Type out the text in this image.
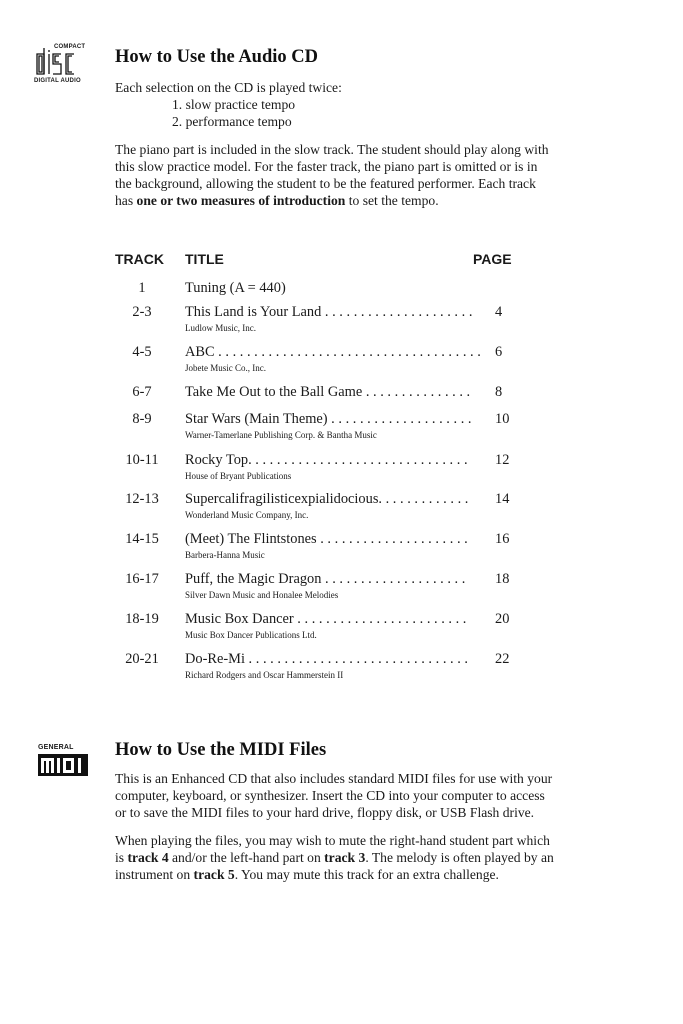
COMPACT
DIGITAL AUDIO
How to Use the Audio CD

Each selection on the CD is played twice:

1. slow practice tempo

2. performance tempo

The piano part is included in the slow track. The student should play along with this slow practice model. For the faster track, the piano part is omitted or is in the background, allowing the student to be the featured performer. Each track has one or two measures of introduction to set the tempo.

TRACK TITLE	PAGE
1	Tuning (A = 440)
2-3	This Land is Your Land . . . . . . . . . . . . . . . . . . . . .	4
Ludlow Music, Inc.
4-5	ABC . . . . . . . . . . . . . . . . . . . . . . . . . . . . . . . . . . . . . 6
Jobete Music Co., Inc.
6-7	Take Me Out to the Ball Game . . . . . . . . . . . . . . .	8
8-9	Star Wars (Main Theme) . . . . . . . . . . . . . . . . . . . .	10
Warner-Tamerlane Publishing Corp. & Bantha Music
10-11	Rocky Top. . . . . . . . . . . . . . . . . . . . . . . . . . . . . . .	12
House of Bryant Publications
12-13	Supercalifragilisticexpialidocious. . . . . . . . . . . . .	14
Wonderland Music Company, Inc.
14-15	(Meet) The Flintstones . . . . . . . . . . . . . . . . . . . . .	16
Barbera-Hanna Music
16-17	Puff, the Magic Dragon . . . . . . . . . . . . . . . . . . . .	18
Silver Dawn Music and Honalee Melodies
18-19	Music Box Dancer . . . . . . . . . . . . . . . . . . . . . . . .	20
Music Box Dancer Publications Ltd.
20-21	Do-Re-Mi . . . . . . . . . . . . . . . . . . . . . . . . . . . . . . .	22
Richard Rodgers and Oscar Hammerstein II
GENERAL How to Use the MIDI Files

This is an Enhanced CD that also includes standard MIDI files for use with your computer, keyboard, or synthesizer. Insert the CD into your computer to access or to save the MIDI files to your hard drive, floppy disk, or USB Flash drive.

When playing the files, you may wish to mute the right-hand student part which is track 4 and/or the left-hand part on track 3. The melody is often played by an instrument on track 5. You may mute this track for an extra challenge.
